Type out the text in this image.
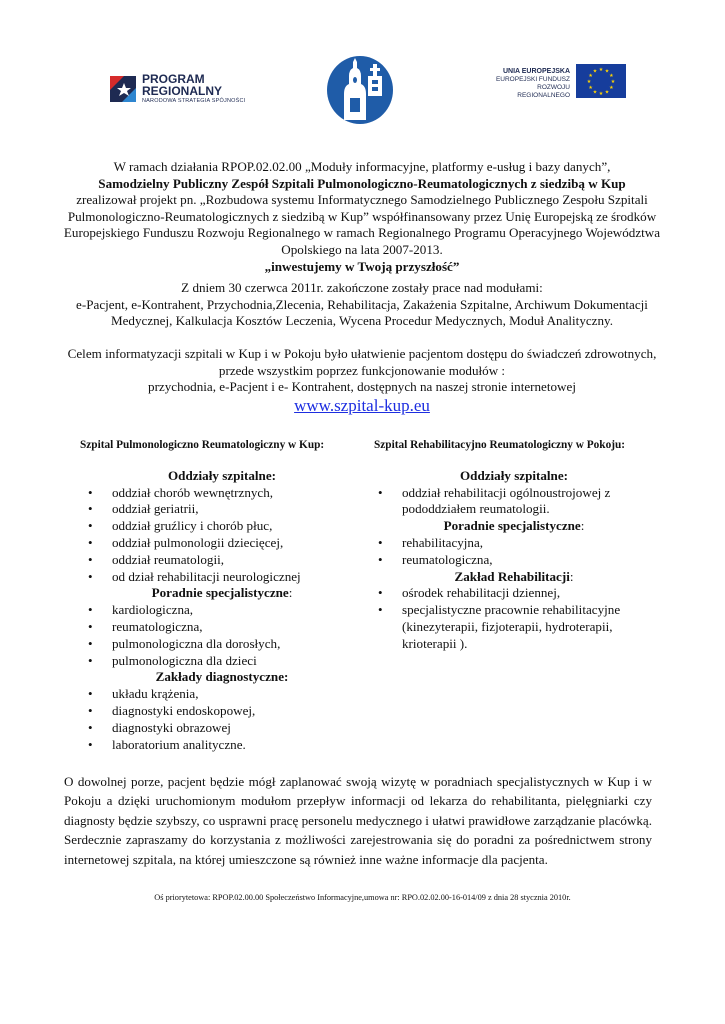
PROGRAM
REGIONALNY
NARODOWA STRATEGIA SPÓJNOŚCI
UNIA EUROPEJSKA
EUROPEJSKI FUNDUSZ
ROZWOJU REGIONALNEGO
★ ★
★
★
★
★
★
★
★
★
★
★
W ramach działania RPOP.02.02.00 „Moduły informacyjne, platformy e-usług i bazy danych”,
Samodzielny Publiczny Zespół Szpitali Pulmonologiczno-Reumatologicznych z siedzibą w Kup
zrealizował projekt pn. „Rozbudowa systemu Informatycznego Samodzielnego Publicznego Zespołu Szpitali Pulmonologiczno-Reumatologicznych z siedzibą w Kup” współfinansowany przez Unię Europejską ze środków Europejskiego Funduszu Rozwoju Regionalnego w ramach Regionalnego Programu Operacyjnego Województwa Opolskiego na lata 2007-2013.
„inwestujemy w Twoją przyszłość”
Z dniem 30 czerwca 2011r. zakończone zostały prace nad modułami:
e-Pacjent, e-Kontrahent, Przychodnia,Zlecenia, Rehabilitacja, Zakażenia Szpitalne, Archiwum Dokumentacji Medycznej, Kalkulacja Kosztów Leczenia, Wycena Procedur Medycznych, Moduł Analityczny.
Celem informatyzacji szpitali w Kup i w Pokoju było ułatwienie pacjentom dostępu do świadczeń zdrowotnych, przede wszystkim poprzez funkcjonowanie modułów :
przychodnia, e-Pacjent i e- Kontrahent, dostępnych na naszej stronie internetowej
www.szpital-kup.eu
Szpital Pulmonologiczno Reumatologiczny w Kup:
Oddziały szpitalne:
• oddział chorób wewnętrznych,
• oddział geriatrii,
• oddział gruźlicy i chorób płuc,
• oddział pulmonologii dziecięcej,
• oddział reumatologii,
• od dział rehabilitacji neurologicznej
Poradnie specjalistyczne:
• kardiologiczna,
• reumatologiczna,
• pulmonologiczna dla dorosłych,
• pulmonologiczna dla dzieci
Zakłady diagnostyczne:
• układu krążenia,
• diagnostyki endoskopowej,
• diagnostyki obrazowej
• laboratorium analityczne.
Szpital Rehabilitacyjno Reumatologiczny w Pokoju:
Oddziały szpitalne:
• oddział rehabilitacji ogólnoustrojowej z pododdziałem reumatologii.
Poradnie specjalistyczne:
• rehabilitacyjna,
• reumatologiczna,
Zakład Rehabilitacji:
• ośrodek rehabilitacji dziennej,
• specjalistyczne pracownie rehabilitacyjne (kinezyterapii, fizjoterapii, hydroterapii, krioterapii ).
O dowolnej porze, pacjent będzie mógł zaplanować swoją wizytę w poradniach specjalistycznych w Kup i w Pokoju a dzięki uruchomionym modułom przepływ informacji od lekarza do rehabilitanta, pielęgniarki czy diagnosty będzie szybszy, co usprawni pracę personelu medycznego i ułatwi prawidłowe zarządzanie placówką. Serdecznie zapraszamy do korzystania z możliwości zarejestrowania się do poradni za pośrednictwem strony internetowej szpitala, na której umieszczone są również inne ważne informacje dla pacjenta.
Oś priorytetowa: RPOP.02.00.00 Społeczeństwo Informacyjne,umowa nr: RPO.02.02.00-16-014/09 z dnia 28 stycznia 2010r.
